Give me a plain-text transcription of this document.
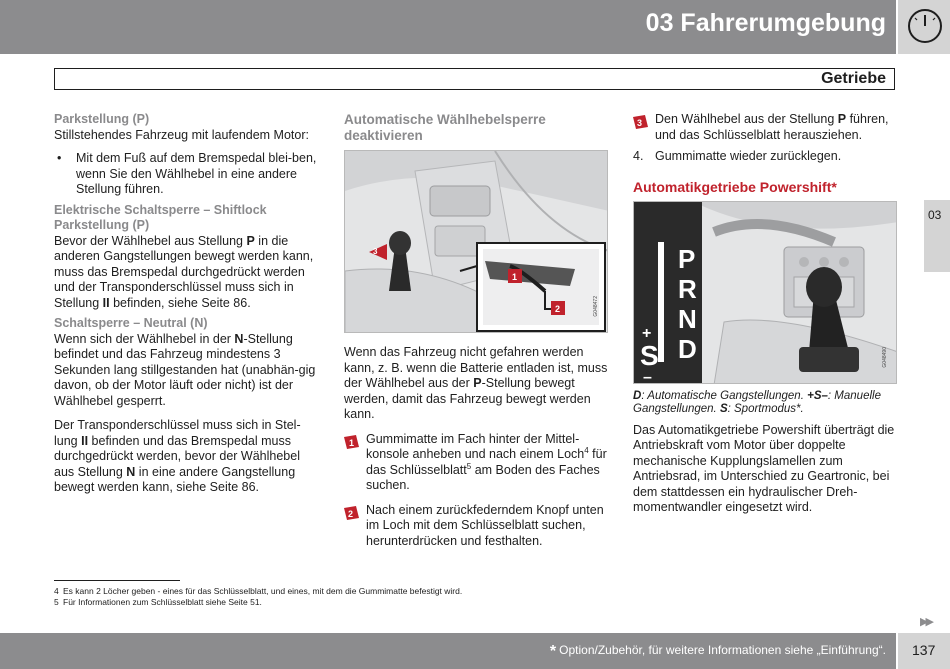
03 Fahrerumgebung
Getriebe
03
Parkstellung (P)

Stillstehendes Fahrzeug mit laufendem Motor:

• Mit dem Fuß auf dem Bremspedal blei-ben, wenn Sie den Wählhebel in eine andere Stellung führen.
Elektrische Schaltsperre – Shiftlock Parkstellung (P)

Bevor der Wählhebel aus Stellung P in die anderen Gangstellungen bewegt werden kann, muss das Bremspedal durchgedrückt werden und der Transponderschlüssel muss sich in Stellung II befinden, siehe Seite 86.

Schaltsperre – Neutral (N)

Wenn sich der Wählhebel in der N-Stellung befindet und das Fahrzeug mindestens 3 Sekunden lang stillgestanden hat (unabhän-gig davon, ob der Motor läuft oder nicht) ist der Wählhebel gesperrt.

Der Transponderschlüssel muss sich in Stel-lung II befinden und das Bremspedal muss durchgedrückt werden, bevor der Wählhebel aus Stellung N in eine andere Gangstellung bewegt werden kann, siehe Seite 86.

Automatische Wählhebelsperre deaktivieren
3
1
2	G048472

Wenn das Fahrzeug nicht gefahren werden kann, z. B. wenn die Batterie entladen ist, muss der Wählhebel aus der P-Stellung bewegt werden, damit das Fahrzeug bewegt werden kann.

1 Gummimatte im Fach hinter der Mittel-konsole anheben und nach einem Loch$^4$ für das Schlüsselblatt$^5$ am Boden des Faches suchen.
2 Nach einem zurückfederndem Knopf unten im Loch mit dem Schlüsselblatt suchen, herunterdrücken und festhalten.
3 Den Wählhebel aus der Stellung P führen, und das Schlüsselblatt herausziehen.
4. Gummimatte wieder zurücklegen.
Automatikgetriebe Powershift*
P
R
N
D
+
S
–
G048490
D: Automatische Gangstellungen. +S–: Manuelle Gangstellungen. S: Sportmodus*.

Das Automatikgetriebe Powershift überträgt die Antriebskraft vom Motor über doppelte mechanische Kupplungslamellen zum Antriebsrad, im Unterschied zu Geartronic, bei dem stattdessen ein hydraulischer Dreh-momentwandler eingesetzt wird.

4 Es kann 2 Löcher geben - eines für das Schlüsselblatt, und eines, mit dem die Gummimatte befestigt wird.
5 Für Informationen zum Schlüsselblatt siehe Seite 51.
▶▶
* Option/Zubehör, für weitere Informationen siehe „Einführung“. 137
